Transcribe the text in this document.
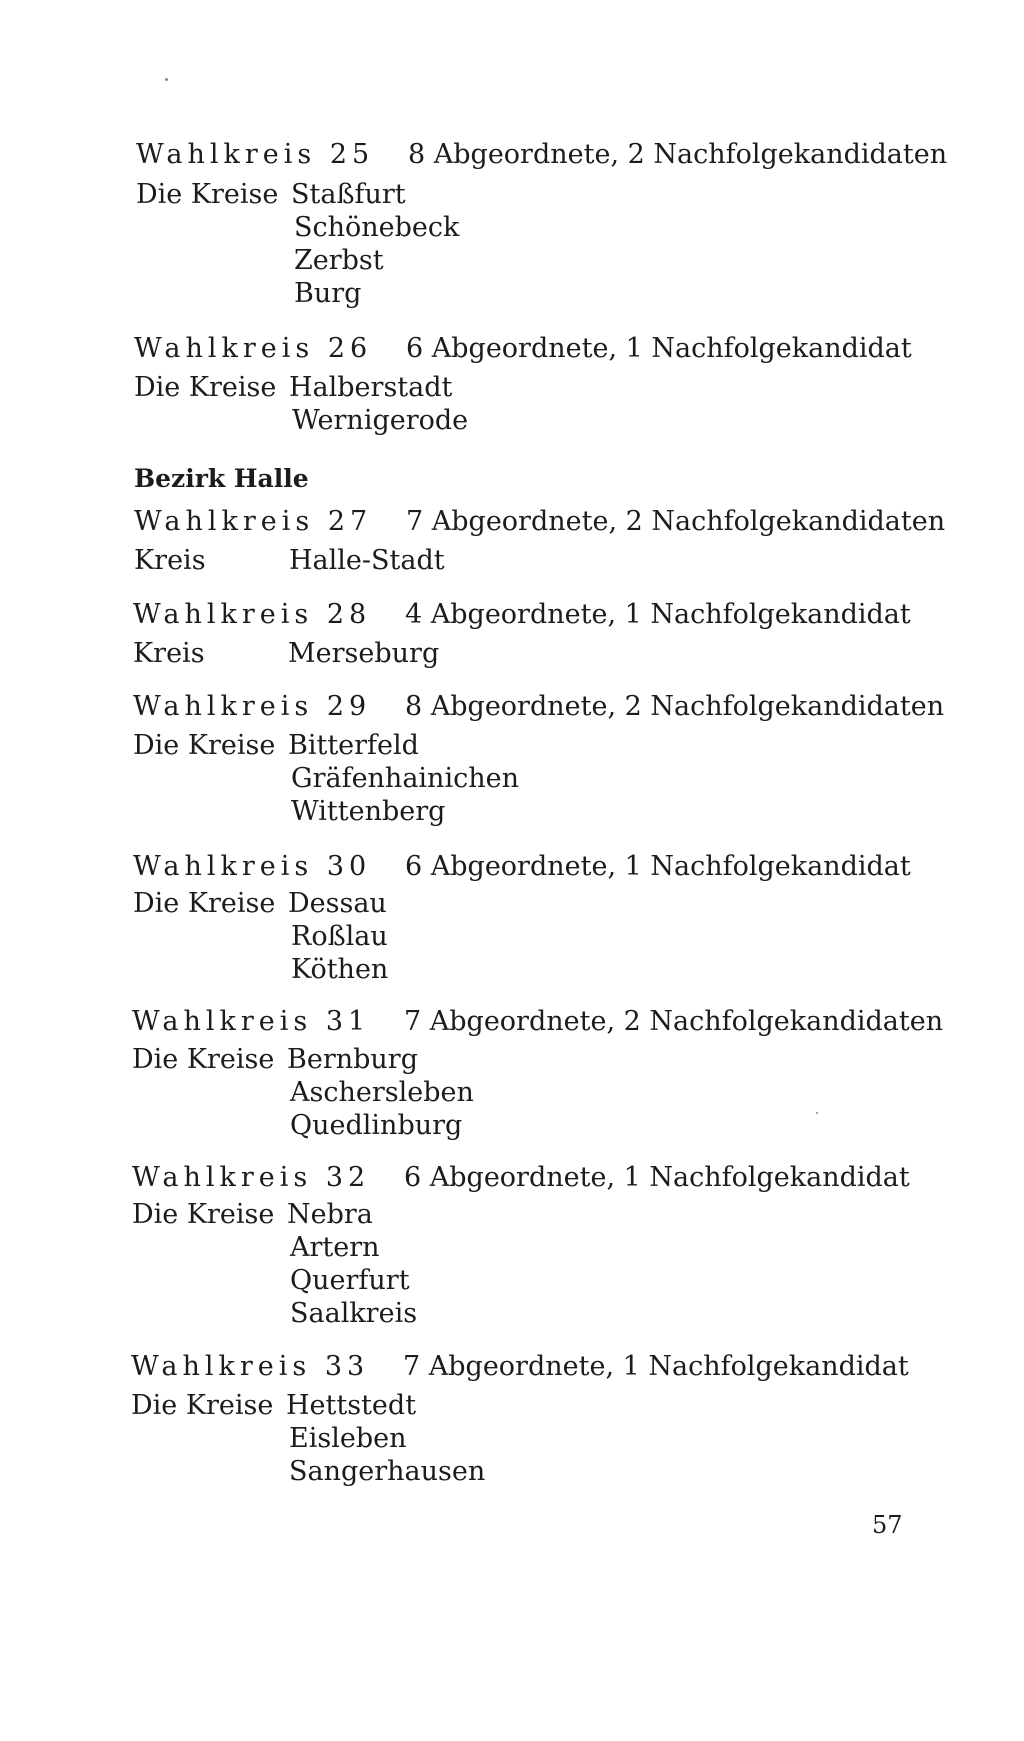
Wahlkreis 25 8 Abgeordnete, 2 Nachfolgekandidaten
Die Kreise Staßfurt
Schönebeck
Zerbst
Burg
Wahlkreis 26 6 Abgeordnete, 1 Nachfolgekandidat
Die Kreise Halberstadt
Wernigerode
Bezirk Halle
Wahlkreis 27 7 Abgeordnete, 2 Nachfolgekandidaten
Kreis	Halle-Stadt
Wahlkreis 28 4 Abgeordnete, 1 Nachfolgekandidat
Kreis	Merseburg
Wahlkreis 29 8 Abgeordnete, 2 Nachfolgekandidaten
Die Kreise Bitterfeld
Gräfenhainichen
Wittenberg
Wahlkreis 30 6 Abgeordnete, 1 Nachfolgekandidat
Die Kreise Dessau
Roßlau
Köthen
Wahlkreis 31 7 Abgeordnete, 2 Nachfolgekandidaten
Die Kreise Bernburg
Aschersleben
Quedlinburg
Wahlkreis 32 6 Abgeordnete, 1 Nachfolgekandidat
Die Kreise Nebra
Artern
Querfurt
Saalkreis
Wahlkreis 33 7 Abgeordnete, 1 Nachfolgekandidat
Die Kreise Hettstedt
Eisleben
Sangerhausen
57
